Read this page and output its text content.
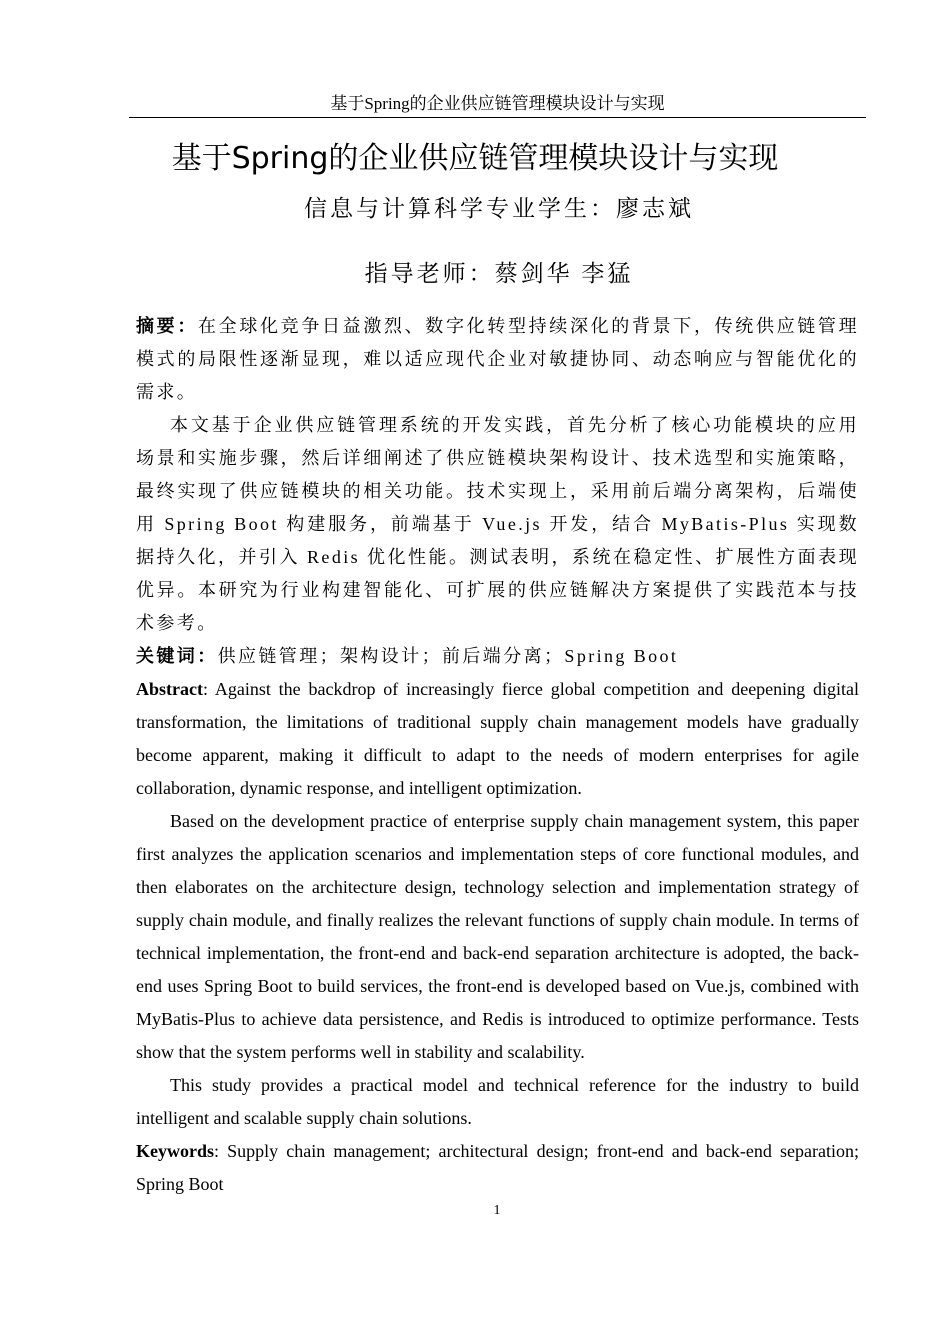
基于Spring的企业供应链管理模块设计与实现
基于Spring的企业供应链管理模块设计与实现
信息与计算科学专业学生：廖志斌
指导老师：蔡剑华 李猛

摘要：在全球化竞争日益激烈、数字化转型持续深化的背景下，传统供应链管理模式的局限性逐渐显现，难以适应现代企业对敏捷协同、动态响应与智能优化的需求。

本文基于企业供应链管理系统的开发实践，首先分析了核心功能模块的应用场景和实施步骤，然后详细阐述了供应链模块架构设计、技术选型和实施策略，最终实现了供应链模块的相关功能。技术实现上，采用前后端分离架构，后端使用 Spring Boot 构建服务，前端基于 Vue.js 开发，结合 MyBatis-Plus 实现数据持久化，并引入 Redis 优化性能。测试表明，系统在稳定性、扩展性方面表现优异。本研究为行业构建智能化、可扩展的供应链解决方案提供了实践范本与技术参考。

关键词：供应链管理；架构设计；前后端分离；Spring Boot

Abstract: Against the backdrop of increasingly fierce global competition and deepening digital transformation, the limitations of traditional supply chain management models have gradually become apparent, making it difficult to adapt to the needs of modern enterprises for agile collaboration, dynamic response, and intelligent optimization.

Based on the development practice of enterprise supply chain management system, this paper first analyzes the application scenarios and implementation steps of core functional modules, and then elaborates on the architecture design, technology selection and implementation strategy of supply chain module, and finally realizes the relevant functions of supply chain module. In terms of technical implementation, the front-end and back-end separation architecture is adopted, the back-end uses Spring Boot to build services, the front-end is developed based on Vue.js, combined with MyBatis-Plus to achieve data persistence, and Redis is introduced to optimize performance. Tests show that the system performs well in stability and scalability.

This study provides a practical model and technical reference for the industry to build intelligent and scalable supply chain solutions.

Keywords: Supply chain management; architectural design; front-end and back-end separation; Spring Boot

1
